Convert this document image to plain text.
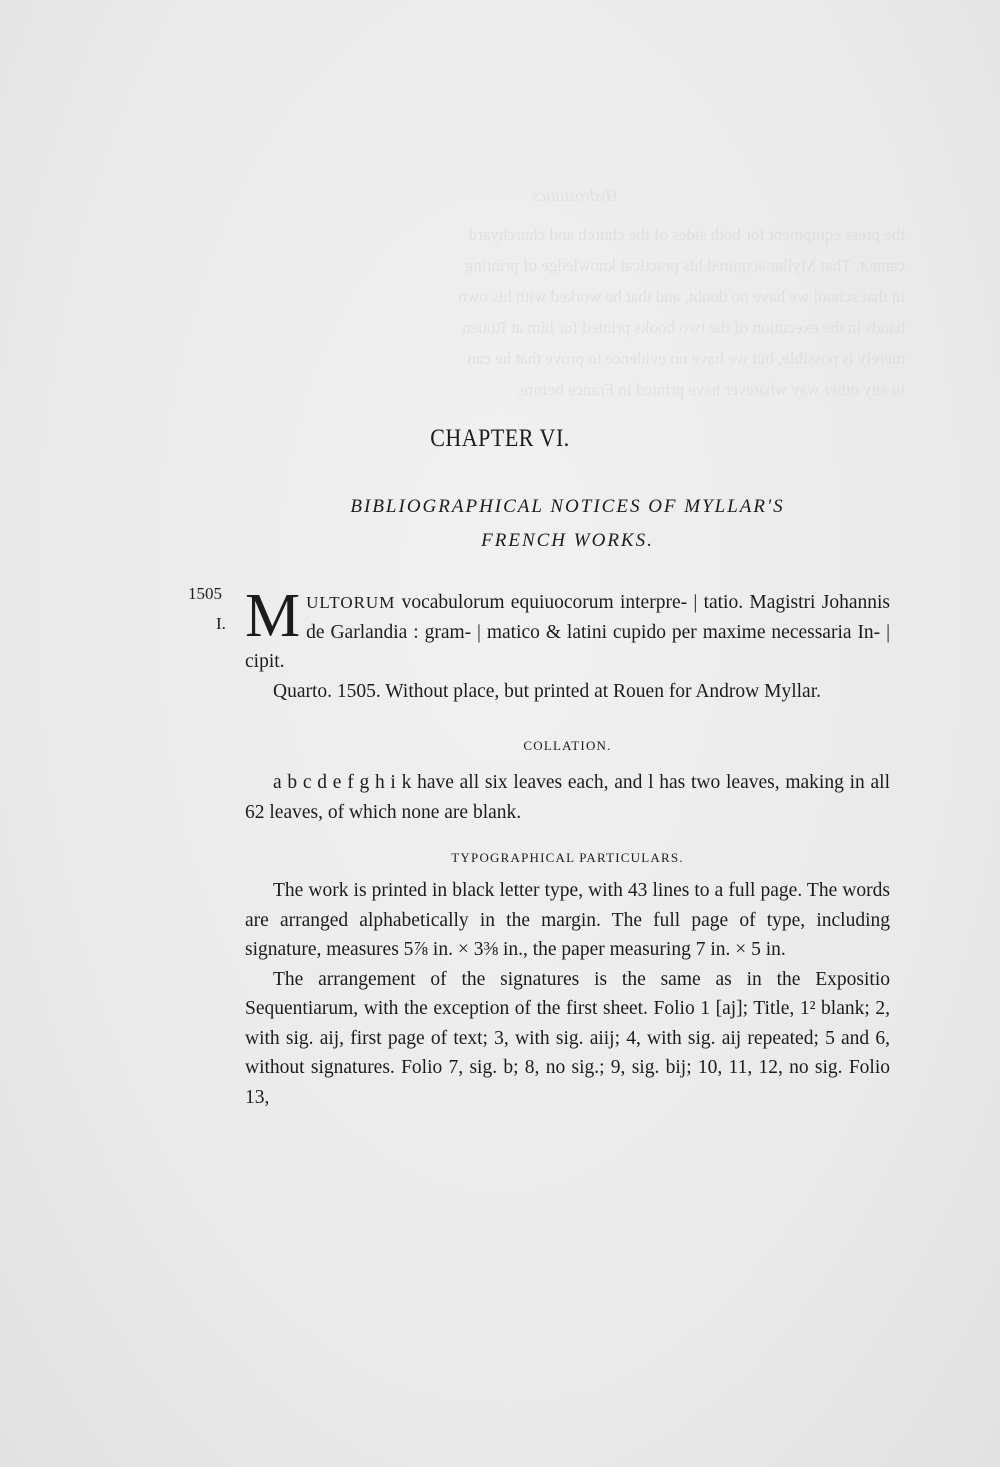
Hydrostatics
the press equipment for both sides of the church and churchyard
cannot. That Myllar acquired his practical knowledge of printing
in that school we have no doubt, and that he worked with his own
hands in the execution of the two books printed for him at Rouen
merely is possible, but we have no evidence to prove that he can
in any other way whatever have printed in France before.
CHAPTER VI.
BIBLIOGRAPHICAL NOTICES OF MYLLAR'S
FRENCH WORKS.
1505
I. MULTORUM vocabulorum equiuocorum interpre- | tatio. Magistri Johannis de Garlandia : gram- | matico & latini cupido per maxime necessaria In- | cipit.

Quarto. 1505. Without place, but printed at Rouen for Androw Myllar.

COLLATION.

a b c d e f g h i k have all six leaves each, and l has two leaves, making in all 62 leaves, of which none are blank.

TYPOGRAPHICAL PARTICULARS.

The work is printed in black letter type, with 43 lines to a full page. The words are arranged alphabetically in the margin. The full page of type, including signature, measures 5⅞ in. × 3⅜ in., the paper measuring 7 in. × 5 in.

The arrangement of the signatures is the same as in the Expositio Sequentiarum, with the exception of the first sheet. Folio 1 [aj]; Title, 1² blank; 2, with sig. aij, first page of text; 3, with sig. aiij; 4, with sig. aij repeated; 5 and 6, without signatures. Folio 7, sig. b; 8, no sig.; 9, sig. bij; 10, 11, 12, no sig. Folio 13,
